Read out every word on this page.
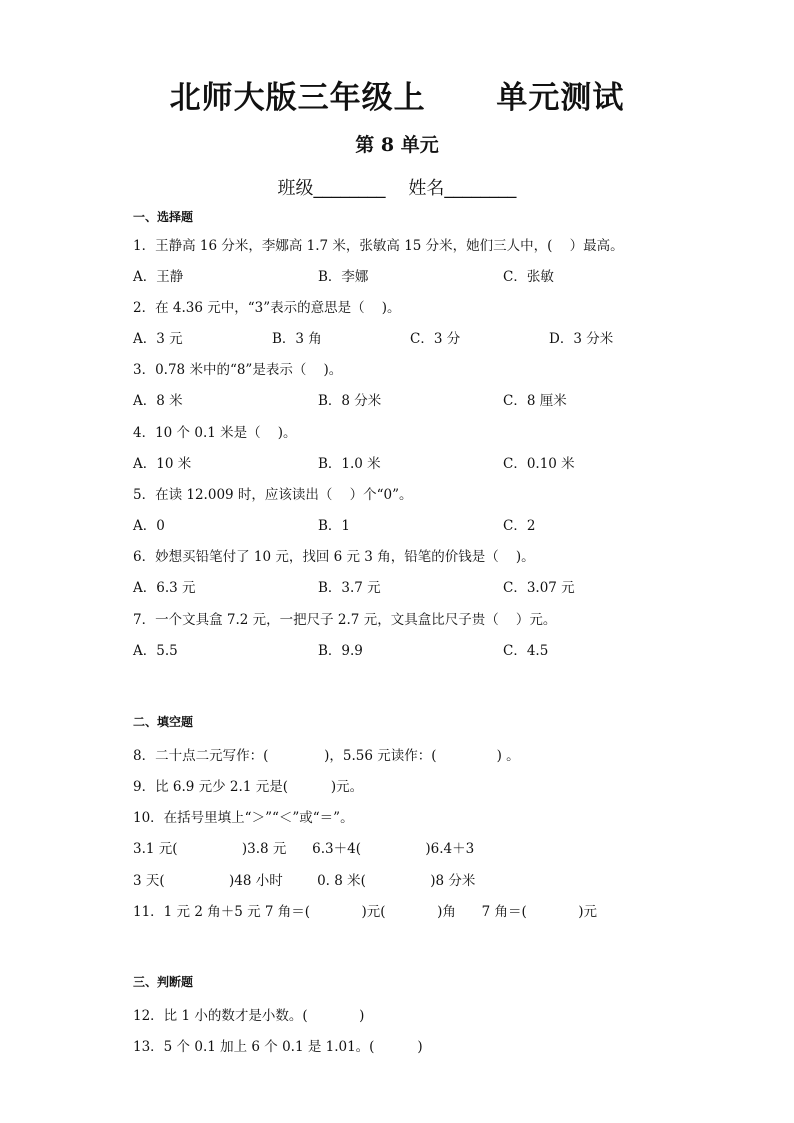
北师大版三年级上      单元测试
第 8 单元
班级________    姓名________
一、选择题
1．王静高 16 分米，李娜高 1.7 米，张敏高 15 分米，她们三人中，(    ）最高。
A．王静	B．李娜	C．张敏
2．在 4.36 元中，“3”表示的意思是（    )。
A．3 元	B．3 角	C．3 分	D．3 分米
3．0.78 米中的“8”是表示（    )。
A．8 米	B．8 分米	C．8 厘米
4．10 个 0.1 米是（    )。
A．10 米	B．1.0 米	C．0.10 米
5．在读 12.009 时，应该读出（    ）个“0”。
A．0	B．1	C．2
6．妙想买铅笔付了 10 元，找回 6 元 3 角，铅笔的价钱是（    )。
A．6.3 元	B．3.7 元	C．3.07 元
7．一个文具盒 7.2 元，一把尺子 2.7 元，文具盒比尺子贵（    ）元。
A．5.5	B．9.9	C．4.5
二、填空题
8．二十点二元写作：(             )，5.56 元读作：(              ) 。
9．比 6.9 元少 2.1 元是(          )元。
10．在括号里填上“＞”“＜”或“＝”。
3.1 元(               )3.8 元      6.3＋4(               )6.4＋3
3 天(               )48 小时        0. 8 米(               )8 分米
11．1 元 2 角＋5 元 7 角＝(            )元(            )角      7 角＝(            )元
三、判断题
12．比 1 小的数才是小数。(            )
13．5 个 0.1 加上 6 个 0.1 是 1.01。(          )
